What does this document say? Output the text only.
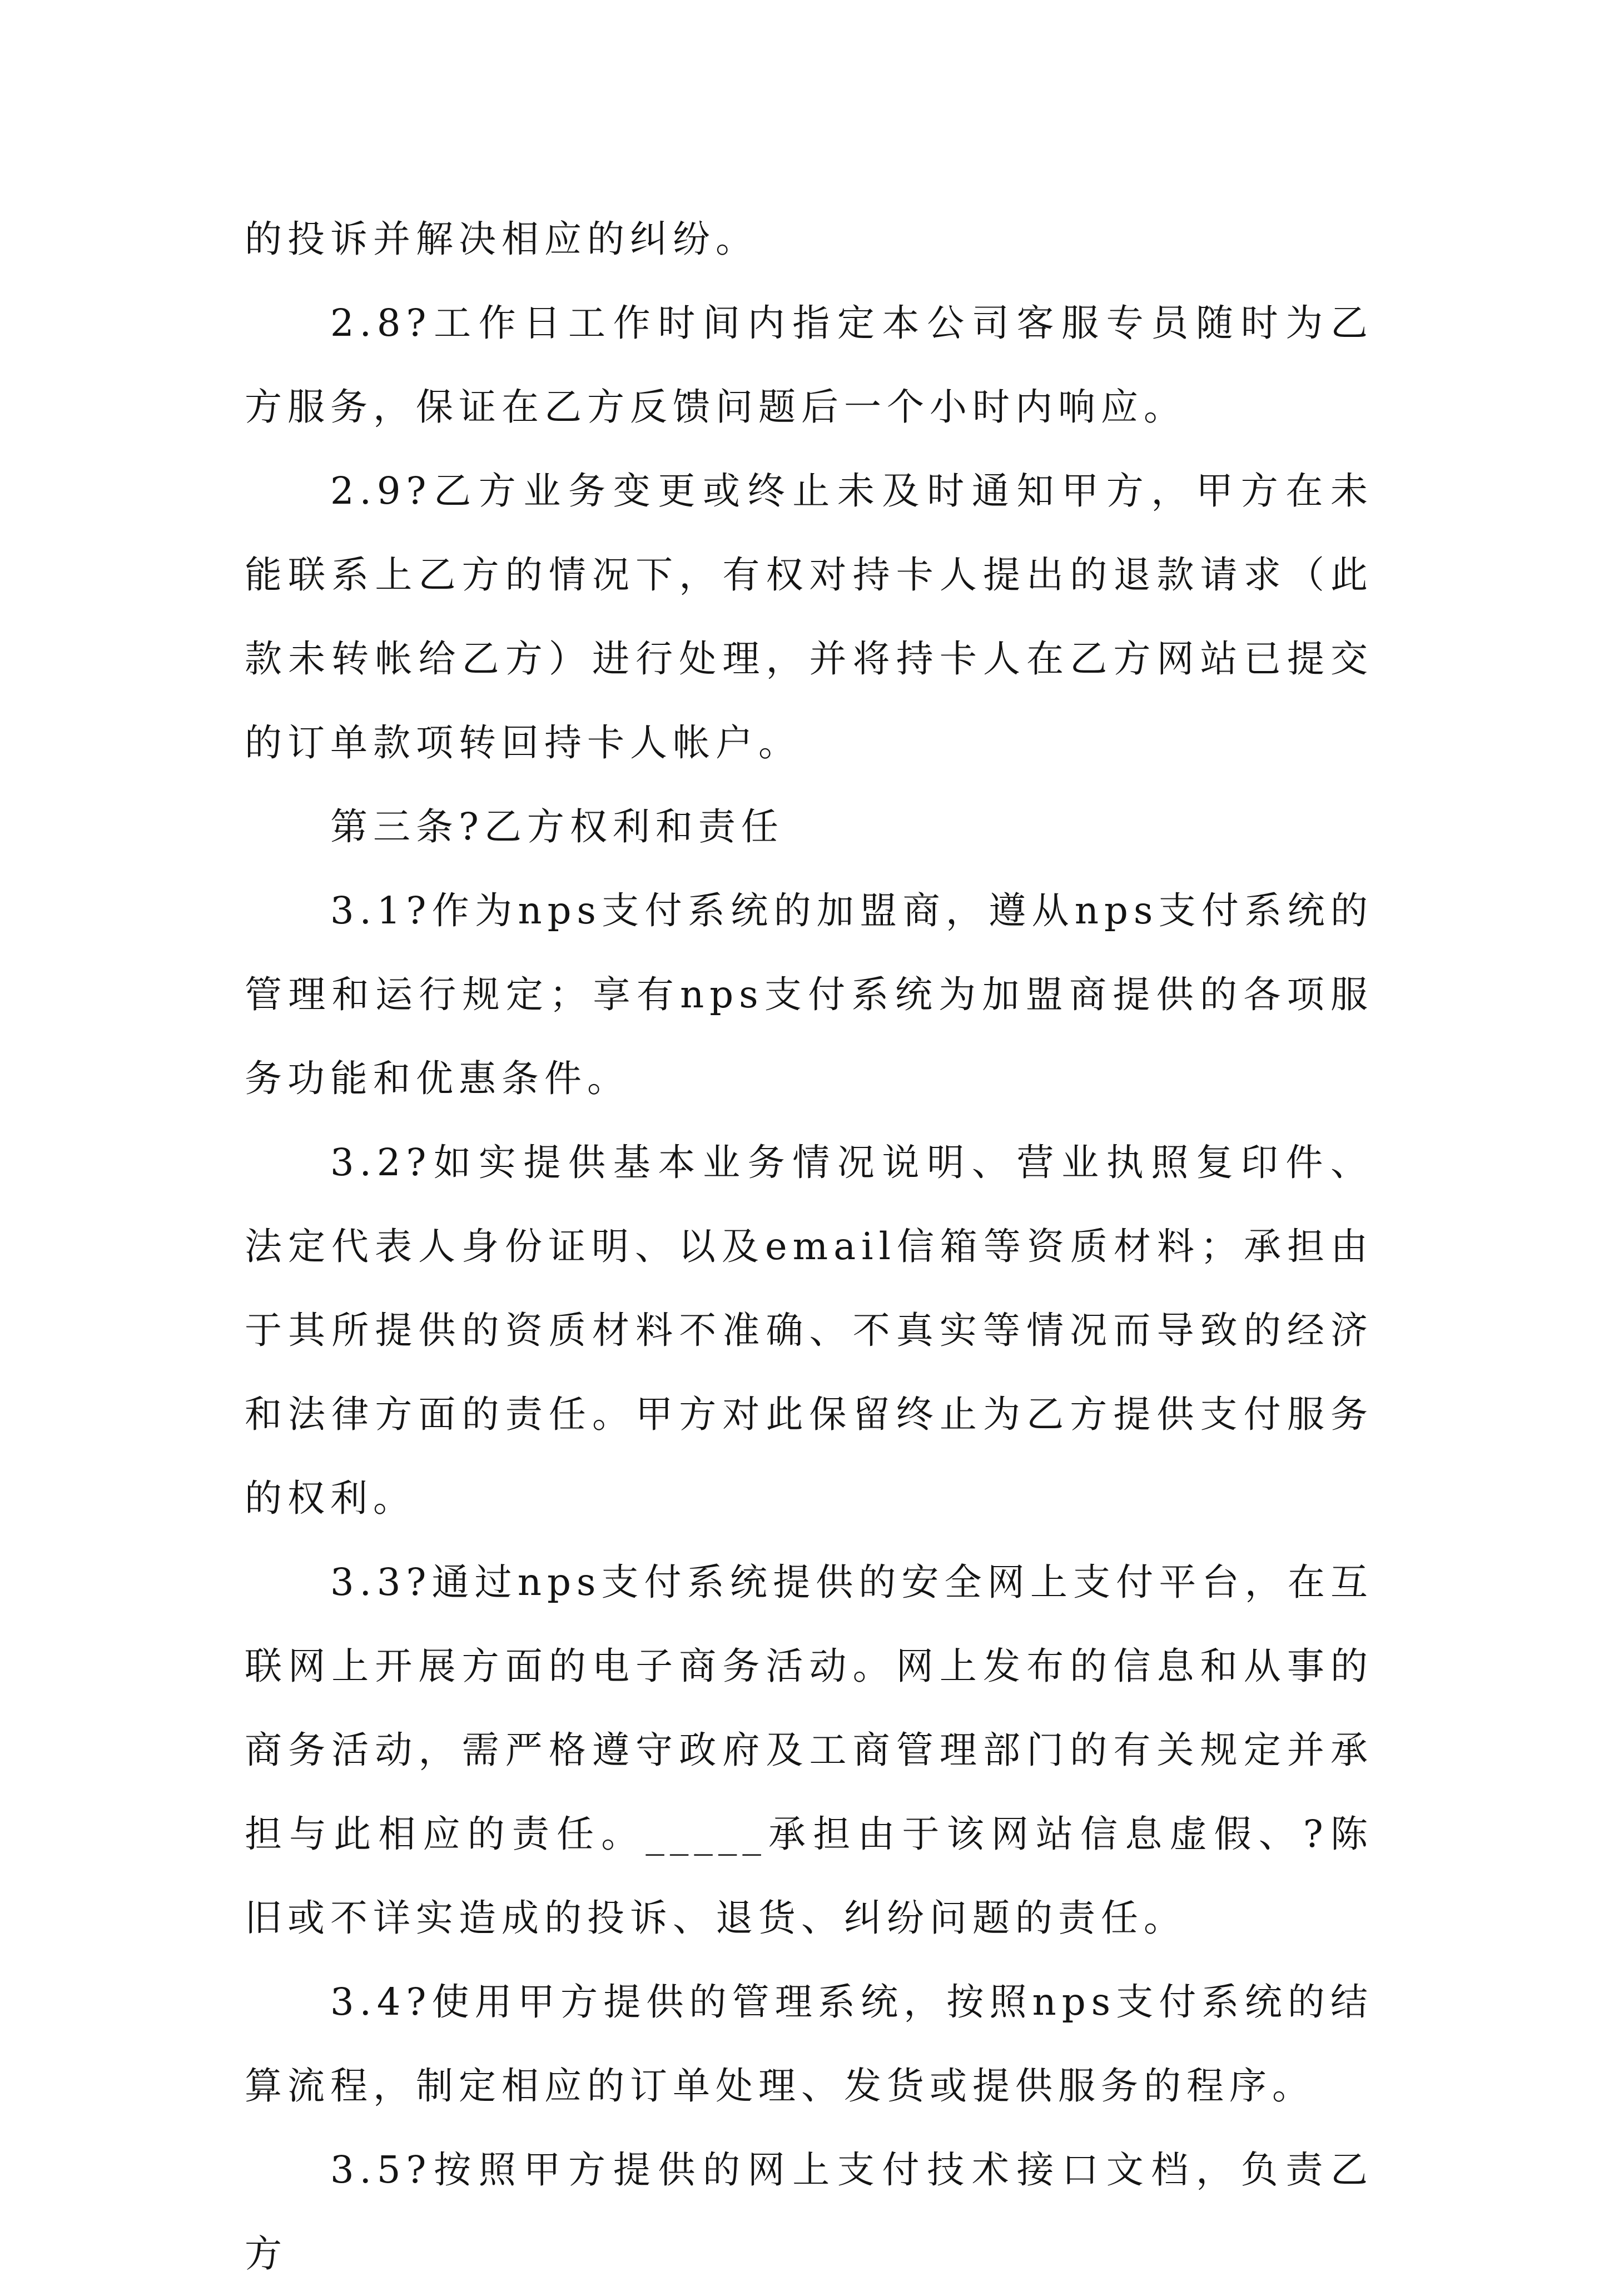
的投诉并解决相应的纠纷。

2.8?工作日工作时间内指定本公司客服专员随时为乙方服务，保证在乙方反馈问题后一个小时内响应。

2.9?乙方业务变更或终止未及时通知甲方，甲方在未能联系上乙方的情况下，有权对持卡人提出的退款请求（此款未转帐给乙方）进行处理，并将持卡人在乙方网站已提交的订单款项转回持卡人帐户。

第三条?乙方权利和责任

3.1?作为nps支付系统的加盟商，遵从nps支付系统的管理和运行规定；享有nps支付系统为加盟商提供的各项服务功能和优惠条件。

3.2?如实提供基本业务情况说明、营业执照复印件、法定代表人身份证明、以及email信箱等资质材料；承担由于其所提供的资质材料不准确、不真实等情况而导致的经济和法律方面的责任。甲方对此保留终止为乙方提供支付服务的权利。

3.3?通过nps支付系统提供的安全网上支付平台，在互联网上开展方面的电子商务活动。网上发布的信息和从事的商务活动，需严格遵守政府及工商管理部门的有关规定并承担与此相应的责任。_____承担由于该网站信息虚假、?陈旧或不详实造成的投诉、退货、纠纷问题的责任。

3.4?使用甲方提供的管理系统，按照nps支付系统的结算流程，制定相应的订单处理、发货或提供服务的程序。

3.5?按照甲方提供的网上支付技术接口文档，负责乙方
